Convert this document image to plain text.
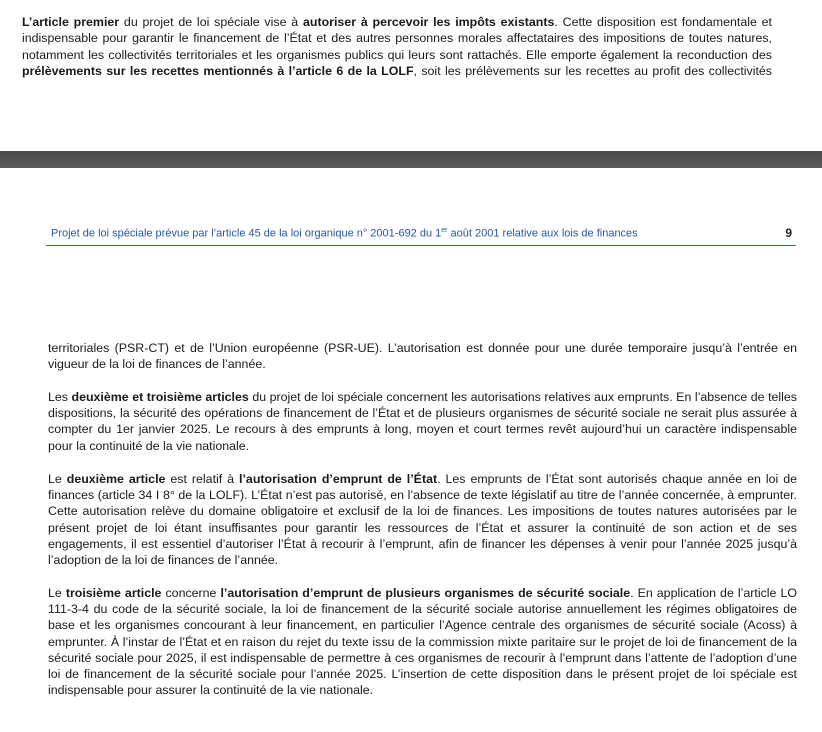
L’article premier du projet de loi spéciale vise à autoriser à percevoir les impôts existants. Cette disposition est fondamentale et indispensable pour garantir le financement de l’État et des autres personnes morales affectataires des impositions de toutes natures, notamment les collectivités territoriales et les organismes publics qui leurs sont rattachés. Elle emporte également la reconduction des prélèvements sur les recettes mentionnés à l’article 6 de la LOLF, soit les prélèvements sur les recettes au profit des collectivités

Projet de loi spéciale prévue par l’article 45 de la loi organique n° 2001-692 du 1er août 2001 relative aux lois de finances	9

territoriales (PSR-CT) et de l’Union européenne (PSR-UE). L’autorisation est donnée pour une durée temporaire jusqu’à l’entrée en vigueur de la loi de finances de l’année.

Les deuxième et troisième articles du projet de loi spéciale concernent les autorisations relatives aux emprunts. En l’absence de telles dispositions, la sécurité des opérations de financement de l’État et de plusieurs organismes de sécurité sociale ne serait plus assurée à compter du 1er janvier 2025. Le recours à des emprunts à long, moyen et court termes revêt aujourd’hui un caractère indispensable pour la continuité de la vie nationale.

Le deuxième article est relatif à l’autorisation d’emprunt de l’État. Les emprunts de l’État sont autorisés chaque année en loi de finances (article 34 I 8° de la LOLF). L’État n’est pas autorisé, en l’absence de texte législatif au titre de l’année concernée, à emprunter. Cette autorisation relève du domaine obligatoire et exclusif de la loi de finances. Les impositions de toutes natures autorisées par le présent projet de loi étant insuffisantes pour garantir les ressources de l’État et assurer la continuité de son action et de ses engagements, il est essentiel d’autoriser l’État à recourir à l’emprunt, afin de financer les dépenses à venir pour l’année 2025 jusqu’à l’adoption de la loi de finances de l’année.

Le troisième article concerne l’autorisation d’emprunt de plusieurs organismes de sécurité sociale. En application de l’article LO 111-3-4 du code de la sécurité sociale, la loi de financement de la sécurité sociale autorise annuellement les régimes obligatoires de base et les organismes concourant à leur financement, en particulier l’Agence centrale des organismes de sécurité sociale (Acoss) à emprunter. À l’instar de l’État et en raison du rejet du texte issu de la commission mixte paritaire sur le projet de loi de financement de la sécurité sociale pour 2025, il est indispensable de permettre à ces organismes de recourir à l’emprunt dans l’attente de l’adoption d’une loi de financement de la sécurité sociale pour l’année 2025. L’insertion de cette disposition dans le présent projet de loi spéciale est indispensable pour assurer la continuité de la vie nationale.
